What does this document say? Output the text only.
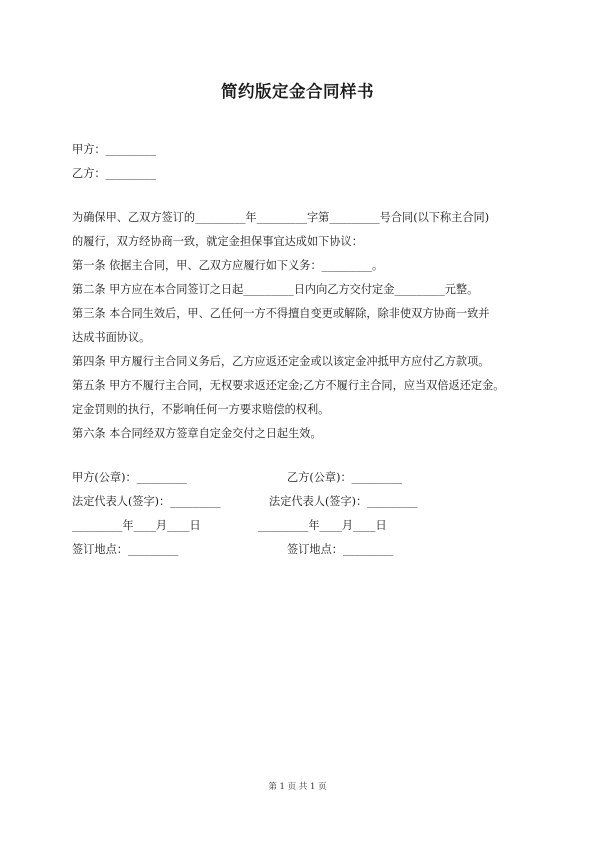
简约版定金合同样书
甲方：_________
乙方：_________
为确保甲、乙双方签订的_________年_________字第_________号合同(以下称主合同)
的履行，双方经协商一致，就定金担保事宜达成如下协议：
第一条 依据主合同，甲、乙双方应履行如下义务：_________。
第二条 甲方应在本合同签订之日起_________日内向乙方交付定金_________元整。
第三条 本合同生效后，甲、乙任何一方不得擅自变更或解除，除非使双方协商一致并
达成书面协议。
第四条 甲方履行主合同义务后，乙方应返还定金或以该定金冲抵甲方应付乙方款项。
第五条 甲方不履行主合同，无权要求返还定金;乙方不履行主合同，应当双倍返还定金。
定金罚则的执行，不影响任何一方要求赔偿的权利。
第六条 本合同经双方签章自定金交付之日起生效。
甲方(公章)：_________	乙方(公章)：_________
法定代表人(签字)：_________	法定代表人(签字)：_________
_________年____月____日	_________年____月____日
签订地点：_________	签订地点：_________
第 1 页 共 1 页
